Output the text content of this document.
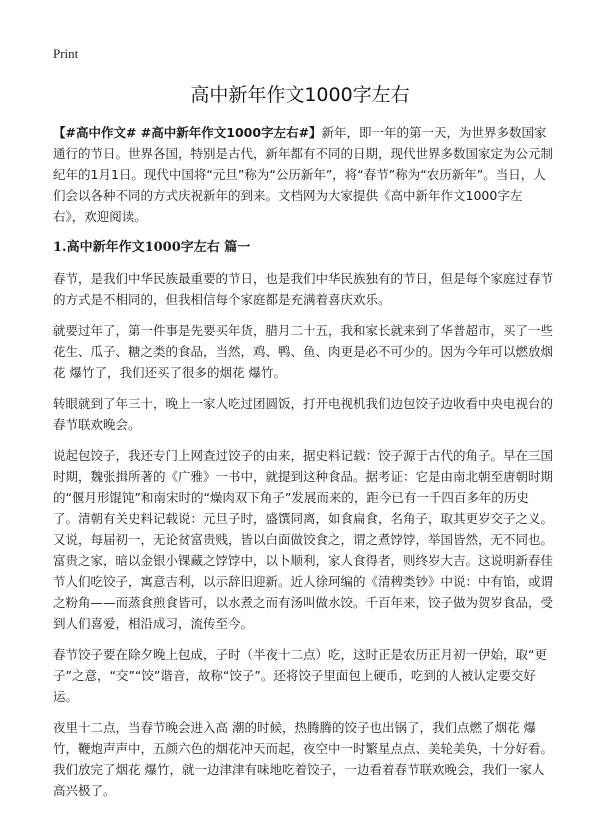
Print
高中新年作文1000字左右

【#高中作文# #高中新年作文1000字左右#】新年，即一年的第一天，为世界多数国家通行的节日。世界各国，特别是古代，新年都有不同的日期，现代世界多数国家定为公元制纪年的1月1日。现代中国将“元旦”称为“公历新年”，将“春节”称为“农历新年”。当日，人们会以各种不同的方式庆祝新年的到来。文档网为大家提供《高中新年作文1000字左右》，欢迎阅读。

1.高中新年作文1000字左右 篇一

春节，是我们中华民族最重要的节日，也是我们中华民族独有的节日，但是每个家庭过春节的方式是不相同的，但我相信每个家庭都是充满着喜庆欢乐。

就要过年了，第一件事是先要买年货，腊月二十五，我和家长就来到了华普超市，买了一些花生、瓜子、糖之类的食品，当然，鸡、鸭、鱼、肉更是必不可少的。因为今年可以燃放烟花 爆竹了，我们还买了很多的烟花 爆竹。

转眼就到了年三十，晚上一家人吃过团圆饭，打开电视机我们边包饺子边收看中央电视台的春节联欢晚会。

说起包饺子，我还专门上网查过饺子的由来，据史料记载：饺子源于古代的角子。早在三国时期，魏张揖所著的《广雅》一书中，就提到这种食品。据考证：它是由南北朝至唐朝时期的“偃月形馄饨”和南宋时的“燥肉双下角子”发展而来的，距今已有一千四百多年的历史了。清朝有关史料记载说：元旦子时，盛馔同离，如食扁食，名角子，取其更岁交子之义。又说，每届初一，无论贫富贵贱，皆以白面做饺食之，谓之煮饽饽，举国皆然，无不同也。富贵之家，暗以金银小锞藏之饽饽中，以卜顺利，家人食得者，则终岁大吉。这说明新春佳节人们吃饺子，寓意吉利，以示辞旧迎新。近人徐珂编的《清稗类钞》中说：中有馅，或谓之粉角——而蒸食煎食皆可，以水煮之而有汤叫做水饺。千百年来，饺子做为贺岁食品，受到人们喜爱，相沿成习，流传至今。

春节饺子要在除夕晚上包成，子时（半夜十二点）吃，这时正是农历正月初一伊始，取“更子”之意，“交”“饺”谐音，故称“饺子”。还将饺子里面包上硬币，吃到的人被认定要交好运。

夜里十二点，当春节晚会进入高 潮的时候，热腾腾的饺子也出锅了，我们点燃了烟花 爆竹，鞭炮声声中，五颜六色的烟花冲天而起，夜空中一时繁星点点、美轮美奂，十分好看。我们放完了烟花 爆竹，就一边津津有味地吃着饺子，一边看着春节联欢晚会，我们一家人高兴极了。
